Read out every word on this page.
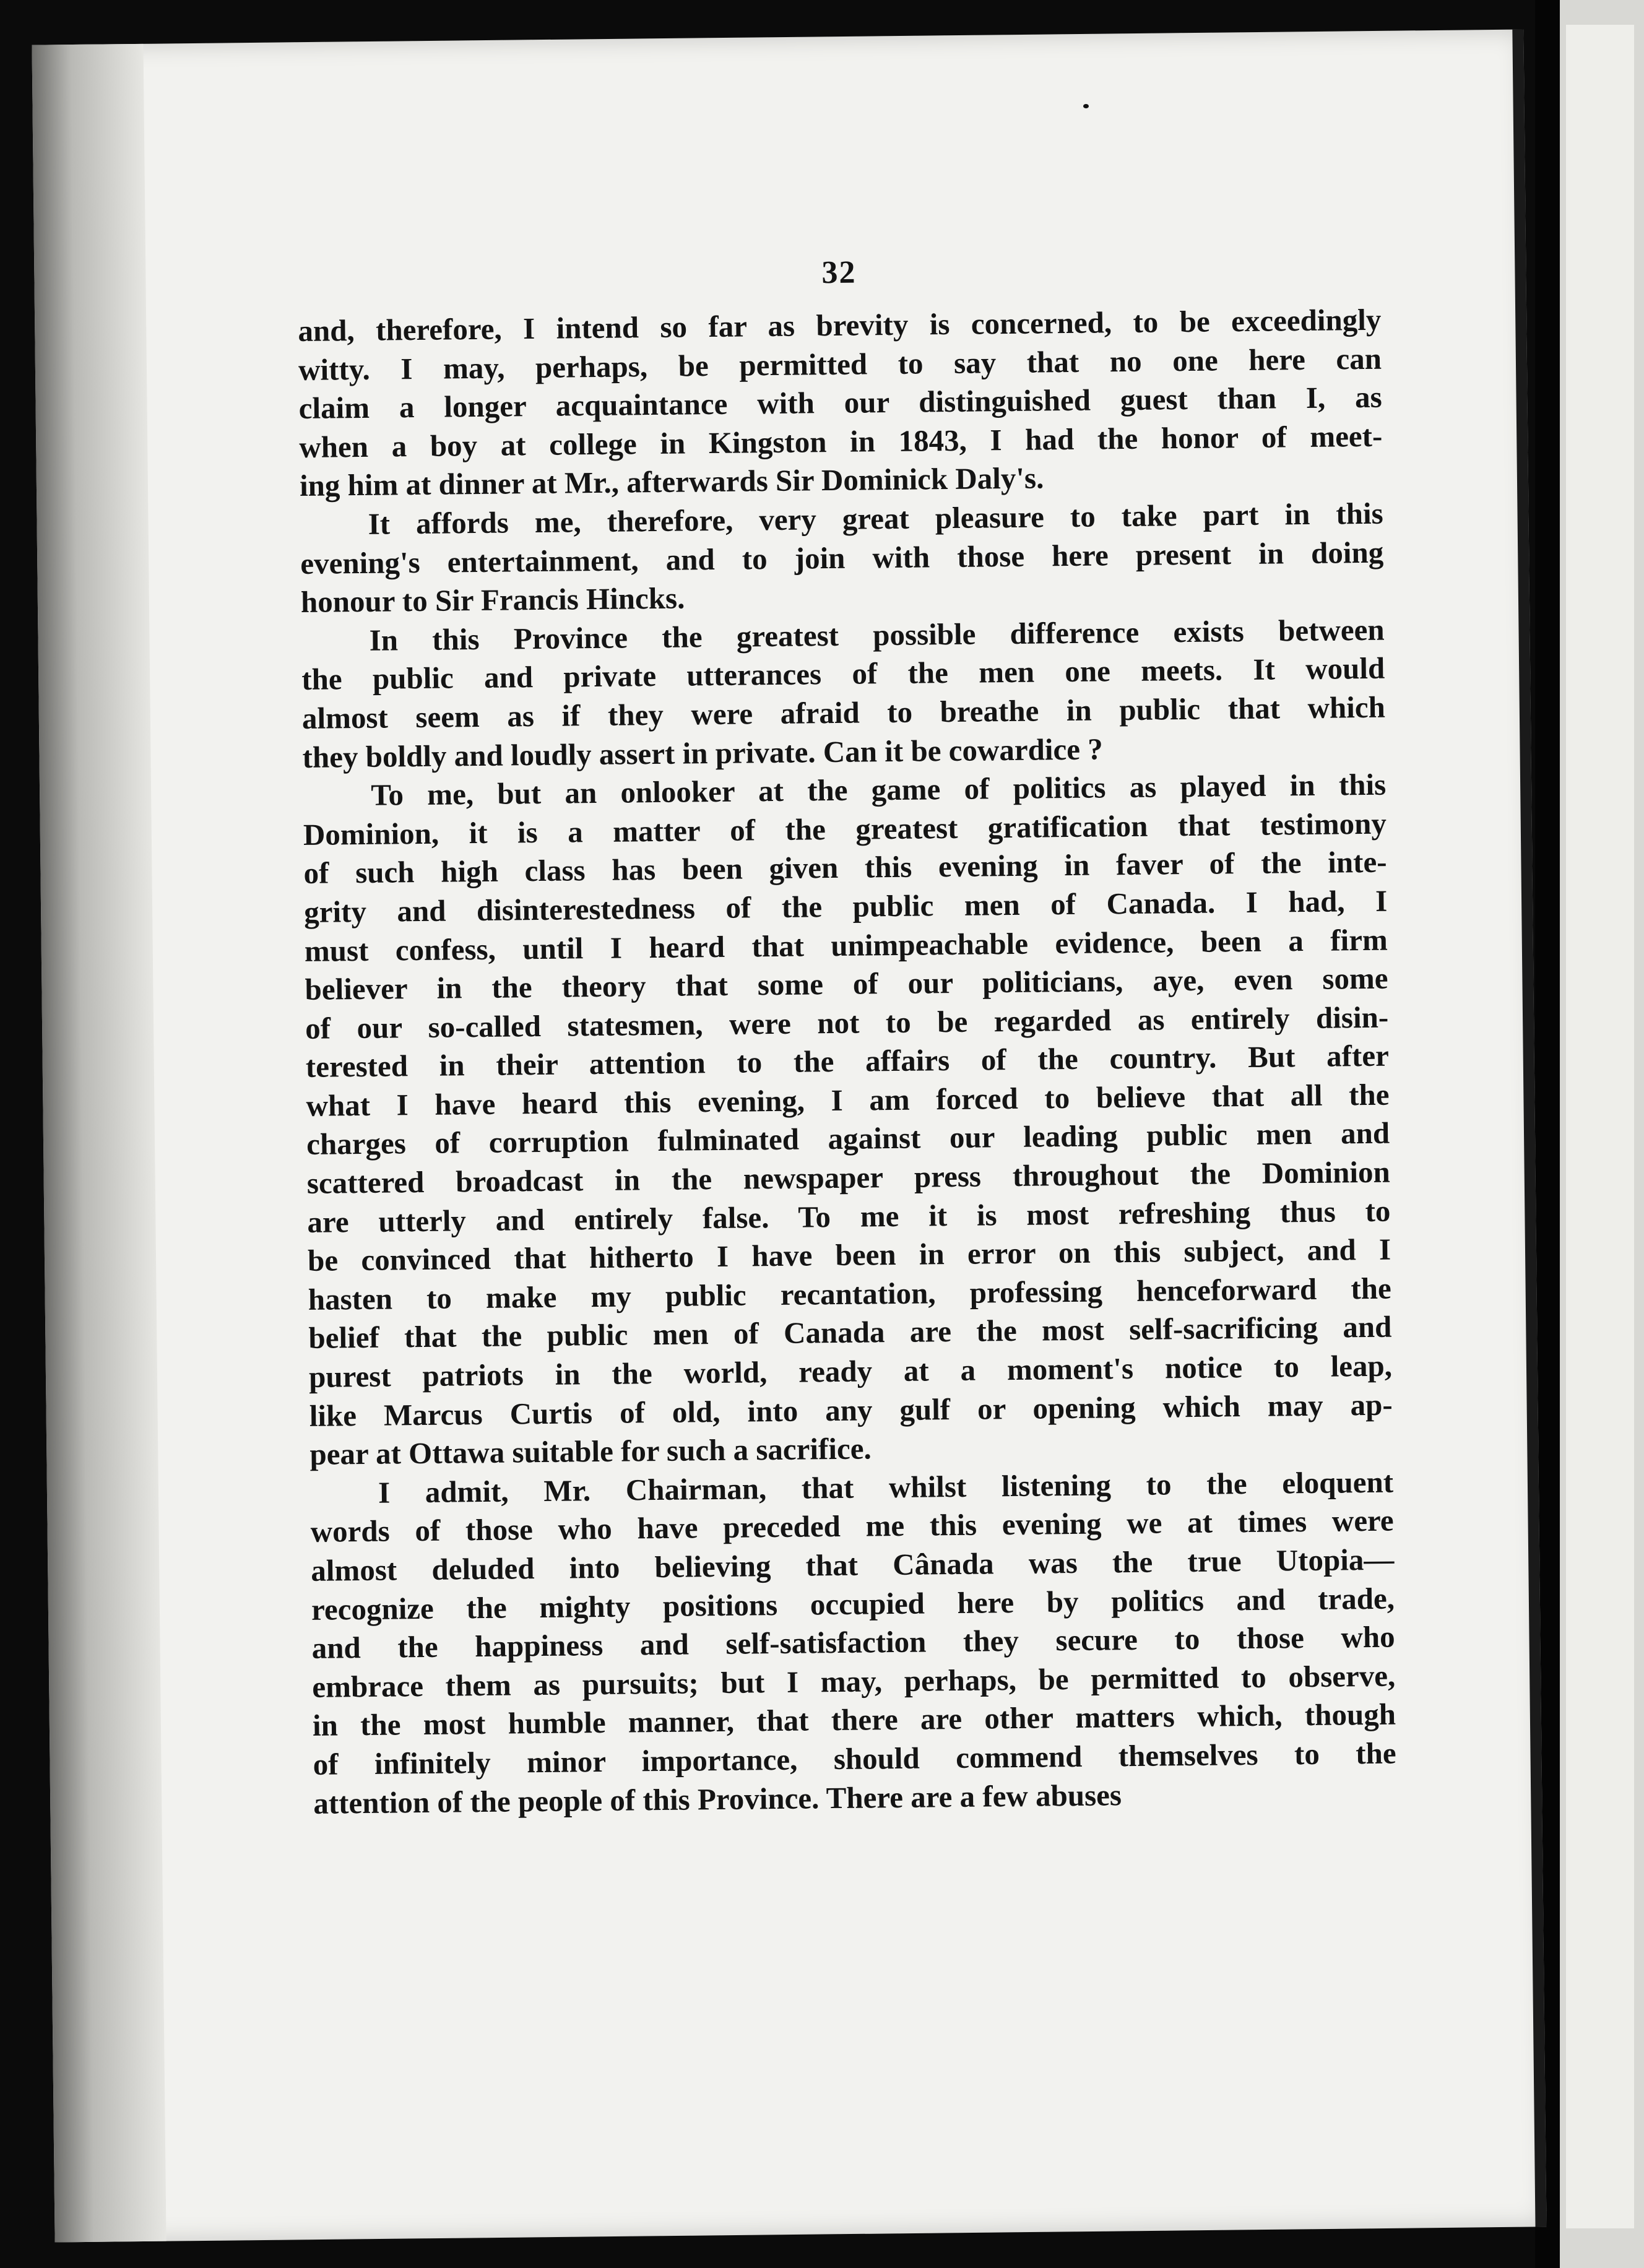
32
and, therefore, I intend so far as brevity is concerned, to be exceedingly
witty. I may, perhaps, be permitted to say that no one here can
claim a longer acquaintance with our distinguished guest than I, as
when a boy at college in Kingston in 1843, I had the honor of meet-
ing him at dinner at Mr., afterwards Sir Dominick Daly's.
It affords me, therefore, very great pleasure to take part in this
evening's entertainment, and to join with those here present in doing
honour to Sir Francis Hincks.
In this Province the greatest possible difference exists between
the public and private utterances of the men one meets. It would
almost seem as if they were afraid to breathe in public that which
they boldly and loudly assert in private. Can it be cowardice ?
To me, but an onlooker at the game of politics as played in this
Dominion, it is a matter of the greatest gratification that testimony
of such high class has been given this evening in faver of the inte-
grity and disinterestedness of the public men of Canada. I had, I
must confess, until I heard that unimpeachable evidence, been a firm
believer in the theory that some of our politicians, aye, even some
of our so-called statesmen, were not to be regarded as entirely disin-
terested in their attention to the affairs of the country. But after
what I have heard this evening, I am forced to believe that all the
charges of corruption fulminated against our leading public men and
scattered broadcast in the newspaper press throughout the Dominion
are utterly and entirely false. To me it is most refreshing thus to
be convinced that hitherto I have been in error on this subject, and I
hasten to make my public recantation, professing henceforward the
belief that the public men of Canada are the most self-sacrificing and
purest patriots in the world, ready at a moment's notice to leap,
like Marcus Curtis of old, into any gulf or opening which may ap-
pear at Ottawa suitable for such a sacrifice.
I admit, Mr. Chairman, that whilst listening to the eloquent
words of those who have preceded me this evening we at times were
almost deluded into believing that Cânada was the true Utopia—
recognize the mighty positions occupied here by politics and trade,
and the happiness and self-satisfaction they secure to those who
embrace them as pursuits; but I may, perhaps, be permitted to observe,
in the most humble manner, that there are other matters which, though
of infinitely minor importance, should commend themselves to the
attention of the people of this Province. There are a few abuses
